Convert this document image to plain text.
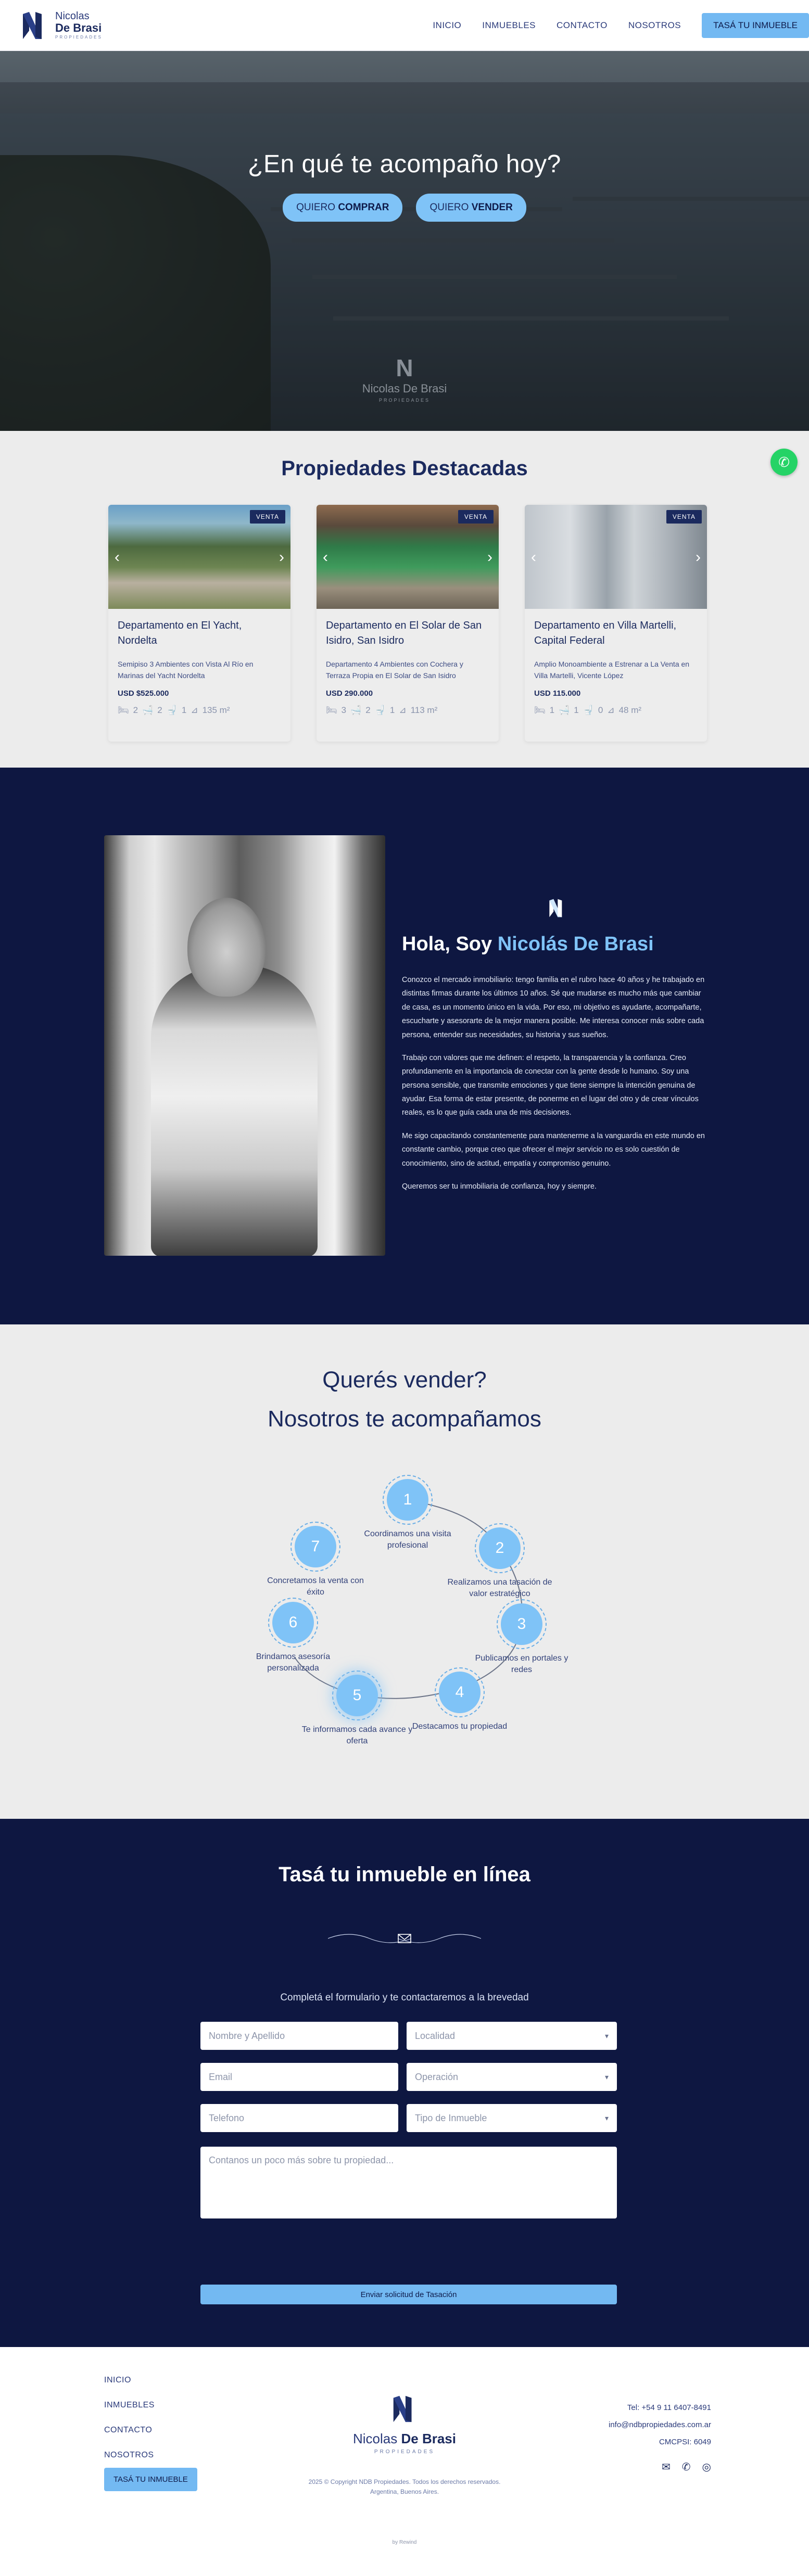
Nicolas
De Brasi
PROPIEDADES
INICIO INMUEBLES CONTACTO NOSOTROS	TASÁ TU INMUEBLE
¿En qué te acompaño hoy?
QUIERO COMPRAR	QUIERO VENDER
N
Nicolas De Brasi
PROPIEDADES
✆
Propiedades Destacadas
VENTA
‹	›
Departamento en El Yacht, Nordelta
Semipiso 3 Ambientes con Vista Al Río en Marinas del Yacht Nordelta
USD $525.000
🛏 2 🛁 2 🚽 1 ⊿ 135 m²
VENTA
‹	›
Departamento en El Solar de San Isidro, San Isidro
Departamento 4 Ambientes con Cochera y Terraza Propia en El Solar de San Isidro
USD 290.000
🛏 3 🛁 2 🚽 1 ⊿ 113 m²
VENTA
‹	›
Departamento en Villa Martelli, Capital Federal
Amplio Monoambiente a Estrenar a La Venta en Villa Martelli, Vicente López
USD 115.000
🛏 1 🛁 1 🚽 0 ⊿ 48 m²
Hola, Soy Nicolás De Brasi

Conozco el mercado inmobiliario: tengo familia en el rubro hace 40 años y he trabajado en distintas firmas durante los últimos 10 años. Sé que mudarse es mucho más que cambiar de casa, es un momento único en la vida. Por eso, mi objetivo es ayudarte, acompañarte, escucharte y asesorarte de la mejor manera posible. Me interesa conocer más sobre cada persona, entender sus necesidades, su historia y sus sueños.

Trabajo con valores que me definen: el respeto, la transparencia y la confianza. Creo profundamente en la importancia de conectar con la gente desde lo humano. Soy una persona sensible, que transmite emociones y que tiene siempre la intención genuina de ayudar. Esa forma de estar presente, de ponerme en el lugar del otro y de crear vínculos reales, es lo que guía cada una de mis decisiones.

Me sigo capacitando constantemente para mantenerme a la vanguardia en este mundo en constante cambio, porque creo que ofrecer el mejor servicio no es solo cuestión de conocimiento, sino de actitud, empatía y compromiso genuino.

Queremos ser tu inmobiliaria de confianza, hoy y siempre.

Querés vender?
Nosotros te acompañamos
1
Coordinamos una visita profesional	2
Realizamos una tasación de valor estratégico
3
Publicamos en portales y redes
4
Destacamos tu propiedad
5
Te informamos cada avance y oferta
6
Brindamos asesoría personalizada
7
Concretamos la venta con éxito
Tasá tu inmueble en línea
Completá el formulario y te contactaremos a la brevedad
Nombre y Apellido	Localidad ▾
Email	Operación ▾
Telefono	Tipo de Inmueble ▾
Contanos un poco más sobre tu propiedad...
Enviar solicitud de Tasación
INICIO
INMUEBLES
CONTACTO
NOSOTROS
TASÁ TU INMUEBLE
Nicolas De Brasi
PROPIEDADES
2025 © Copyright NDB Propiedades. Todos los derechos reservados.
Argentina, Buenos Aires.
Tel: +54 9 11 6407-8491
info@ndbpropiedades.com.ar
CMCPSI: 6049
✉ ✆ ◎
by Rewind
